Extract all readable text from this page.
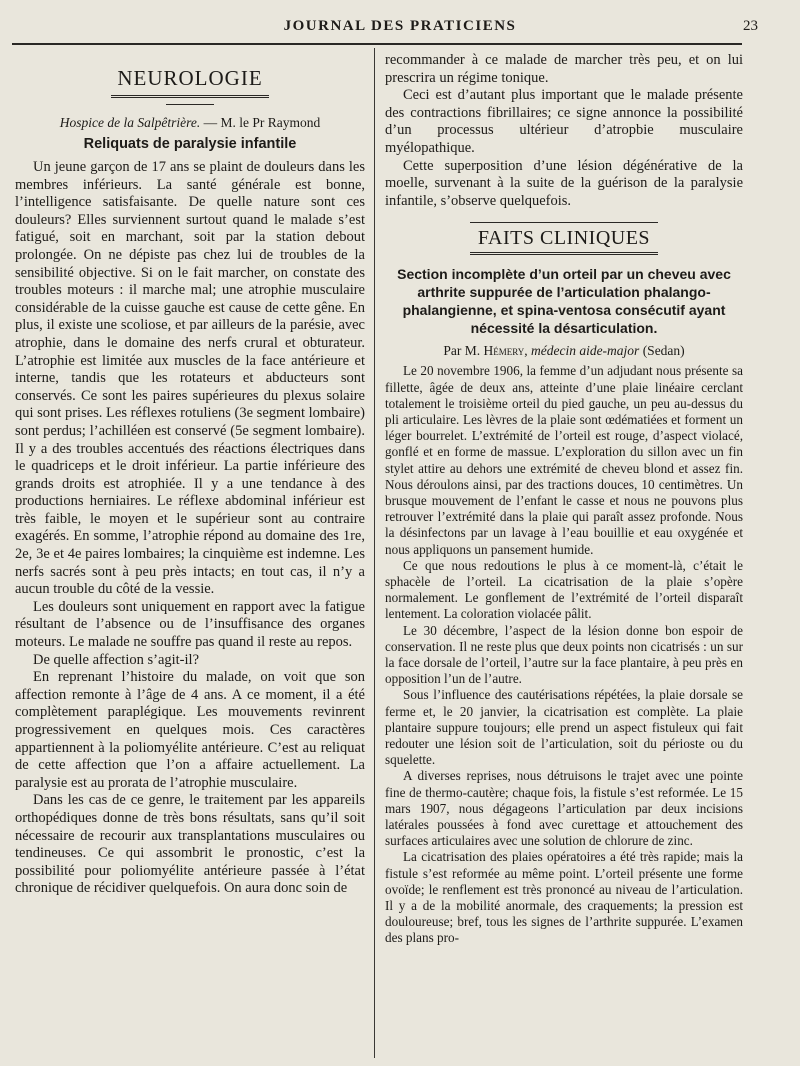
JOURNAL DES PRATICIENS	23
NEUROLOGIE
Hospice de la Salpêtrière. — M. le Pr Raymond
Reliquats de paralysie infantile

Un jeune garçon de 17 ans se plaint de douleurs dans les membres inférieurs. La santé générale est bonne, l’intelligence satisfaisante. De quelle nature sont ces douleurs? Elles surviennent surtout quand le malade s’est fatigué, soit en marchant, soit par la station debout prolongée. On ne dépiste pas chez lui de troubles de la sensibilité objective. Si on le fait marcher, on constate des troubles moteurs : il marche mal; une atrophie musculaire considérable de la cuisse gauche est cause de cette gêne. En plus, il existe une scoliose, et par ailleurs de la parésie, avec atrophie, dans le domaine des nerfs crural et obturateur. L’atrophie est limitée aux muscles de la face antérieure et interne, tandis que les rotateurs et abducteurs sont conservés. Ce sont les paires supérieures du plexus solaire qui sont prises. Les réflexes rotuliens (3e segment lombaire) sont perdus; l’achilléen est conservé (5e segment lombaire). Il y a des troubles accentués des réactions électriques dans le quadriceps et le droit inférieur. La partie inférieure des grands droits est atrophiée. Il y a une tendance à des productions herniaires. Le réflexe abdominal inférieur est très faible, le moyen et le supérieur sont au contraire exagérés. En somme, l’atrophie répond au domaine des 1re, 2e, 3e et 4e paires lombaires; la cinquième est indemne. Les nerfs sacrés sont à peu près intacts; en tout cas, il n’y a aucun trouble du côté de la vessie.

Les douleurs sont uniquement en rapport avec la fatigue résultant de l’absence ou de l’insuffisance des organes moteurs. Le malade ne souffre pas quand il reste au repos.

De quelle affection s’agit-il?

En reprenant l’histoire du malade, on voit que son affection remonte à l’âge de 4 ans. A ce moment, il a été complètement paraplégique. Les mouvements revinrent progressivement en quelques mois. Ces caractères appartiennent à la poliomyélite antérieure. C’est au reliquat de cette affection que l’on a affaire actuellement. La paralysie est au prorata de l’atrophie musculaire.

Dans les cas de ce genre, le traitement par les appareils orthopédiques donne de très bons résultats, sans qu’il soit nécessaire de recourir aux transplantations musculaires ou tendineuses. Ce qui assombrit le pronostic, c’est la possibilité pour poliomyélite antérieure passée à l’état chronique de récidiver quelquefois. On aura donc soin de

recommander à ce malade de marcher très peu, et on lui prescrira un régime tonique.

Ceci est d’autant plus important que le malade présente des contractions fibrillaires; ce signe annonce la possibilité d’un processus ultérieur d’atropbie musculaire myélopathique.

Cette superposition d’une lésion dégénérative de la moelle, survenant à la suite de la guérison de la paralysie infantile, s’observe quelquefois.

FAITS CLINIQUES
Section incomplète d’un orteil par un cheveu avec arthrite suppurée de l’articulation phalango-phalangienne, et spina-ventosa consécutif ayant nécessité la désarticulation.
Par M. Hémery, médecin aide-major (Sedan)

Le 20 novembre 1906, la femme d’un adjudant nous présente sa fillette, âgée de deux ans, atteinte d’une plaie linéaire cerclant totalement le troisième orteil du pied gauche, un peu au-dessus du pli articulaire. Les lèvres de la plaie sont œdématiées et forment un léger bourrelet. L’extrémité de l’orteil est rouge, d’aspect violacé, gonflé et en forme de massue. L’exploration du sillon avec un fin stylet attire au dehors une extrémité de cheveu blond et assez fin. Nous déroulons ainsi, par des tractions douces, 10 centimètres. Un brusque mouvement de l’enfant le casse et nous ne pouvons plus retrouver l’extrémité dans la plaie qui paraît assez profonde. Nous la désinfectons par un lavage à l’eau bouillie et eau oxygénée et nous appliquons un pansement humide.

Ce que nous redoutions le plus à ce moment-là, c’était le sphacèle de l’orteil. La cicatrisation de la plaie s’opère normalement. Le gonflement de l’extrémité de l’orteil disparaît lentement. La coloration violacée pâlit.

Le 30 décembre, l’aspect de la lésion donne bon espoir de conservation. Il ne reste plus que deux points non cicatrisés : un sur la face dorsale de l’orteil, l’autre sur la face plantaire, à peu près en opposition l’un de l’autre.

Sous l’influence des cautérisations répétées, la plaie dorsale se ferme et, le 20 janvier, la cicatrisation est complète. La plaie plantaire suppure toujours; elle prend un aspect fistuleux qui fait redouter une lésion soit de l’articulation, soit du périoste ou du squelette.

A diverses reprises, nous détruisons le trajet avec une pointe fine de thermo-cautère; chaque fois, la fistule s’est reformée. Le 15 mars 1907, nous dégageons l’articulation par deux incisions latérales poussées à fond avec curettage et attouchement des surfaces articulaires avec une solution de chlorure de zinc.

La cicatrisation des plaies opératoires a été très rapide; mais la fistule s’est reformée au même point. L’orteil présente une forme ovoïde; le renflement est très prononcé au niveau de l’articulation. Il y a de la mobilité anormale, des craquements; la pression est douloureuse; bref, tous les signes de l’arthrite suppurée. L’examen des plans pro-
